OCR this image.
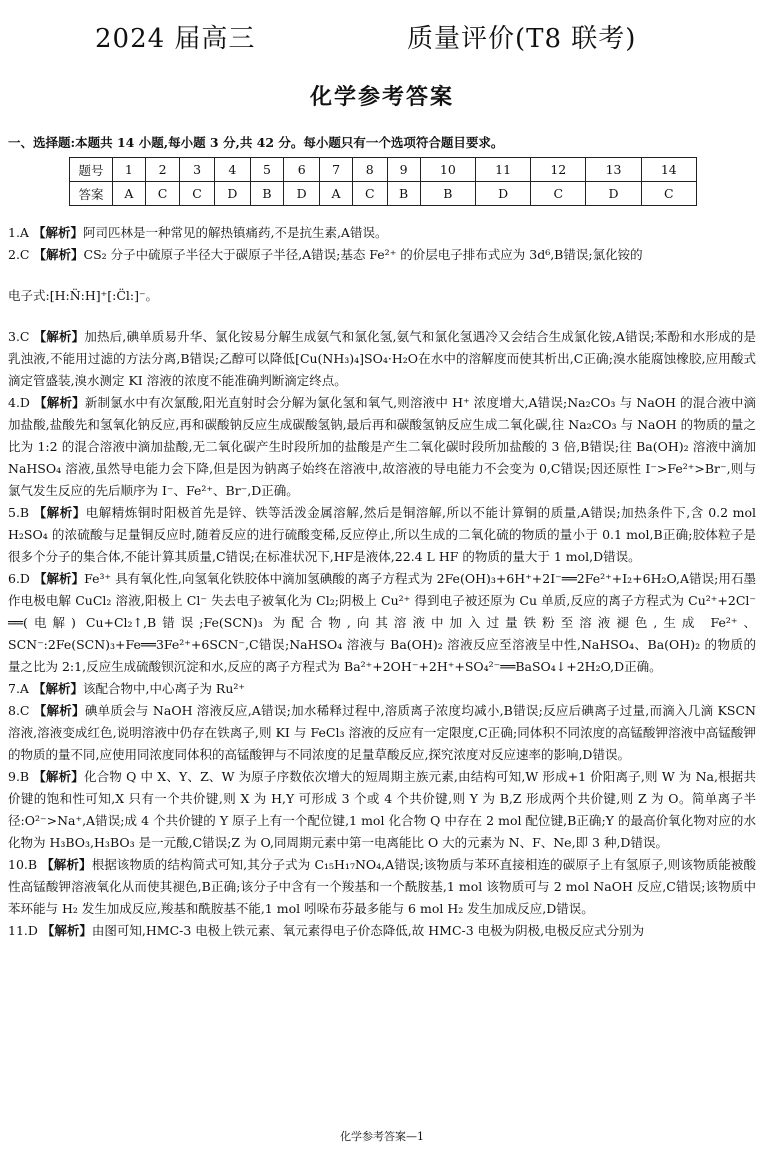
2024 届高三	质量评价(T8 联考)
化学参考答案
一、选择题:本题共 14 小题,每小题 3 分,共 42 分。每小题只有一个选项符合题目要求。
题号	1	2	3	4	5	6	7	8	9	10	11	12	13	14
答案	A	C	C	D	B	D	A	C	B	B	D	C	D	C

1.A 【解析】阿司匹林是一种常见的解热镇痛药,不是抗生素,A错误。

2.C 【解析】CS₂ 分子中硫原子半径大于碳原子半径,A错误;基态 Fe²⁺ 的价层电子排布式应为 3d⁶,B错误;氯化铵的

电子式:[H:N̈:H]⁺[:C̈l:]⁻。

3.C 【解析】加热后,碘单质易升华、氯化铵易分解生成氨气和氯化氢,氨气和氯化氢遇冷又会结合生成氯化铵,A错误;苯酚和水形成的是乳浊液,不能用过滤的方法分离,B错误;乙醇可以降低[Cu(NH₃)₄]SO₄·H₂O在水中的溶解度而使其析出,C正确;溴水能腐蚀橡胶,应用酸式滴定管盛装,溴水测定 KI 溶液的浓度不能准确判断滴定终点。

4.D 【解析】新制氯水中有次氯酸,阳光直射时会分解为氯化氢和氧气,则溶液中 H⁺ 浓度增大,A错误;Na₂CO₃ 与 NaOH 的混合液中滴加盐酸,盐酸先和氢氧化钠反应,再和碳酸钠反应生成碳酸氢钠,最后再和碳酸氢钠反应生成二氧化碳,往 Na₂CO₃ 与 NaOH 的物质的量之比为 1:2 的混合溶液中滴加盐酸,无二氧化碳产生时段所加的盐酸是产生二氧化碳时段所加盐酸的 3 倍,B错误;往 Ba(OH)₂ 溶液中滴加 NaHSO₄ 溶液,虽然导电能力会下降,但是因为钠离子始终在溶液中,故溶液的导电能力不会变为 0,C错误;因还原性 I⁻>Fe²⁺>Br⁻,则与氯气发生反应的先后顺序为 I⁻、Fe²⁺、Br⁻,D正确。

5.B 【解析】电解精炼铜时阳极首先是锌、铁等活泼金属溶解,然后是铜溶解,所以不能计算铜的质量,A错误;加热条件下,含 0.2 mol H₂SO₄ 的浓硫酸与足量铜反应时,随着反应的进行硫酸变稀,反应停止,所以生成的二氧化硫的物质的量小于 0.1 mol,B正确;胶体粒子是很多个分子的集合体,不能计算其质量,C错误;在标准状况下,HF是液体,22.4 L HF 的物质的量大于 1 mol,D错误。

6.D 【解析】Fe³⁺ 具有氧化性,向氢氧化铁胶体中滴加氢碘酸的离子方程式为 2Fe(OH)₃+6H⁺+2I⁻══2Fe²⁺+I₂+6H₂O,A错误;用石墨作电极电解 CuCl₂ 溶液,阳极上 Cl⁻ 失去电子被氧化为 Cl₂;阴极上 Cu²⁺ 得到电子被还原为 Cu 单质,反应的离子方程式为 Cu²⁺+2Cl⁻ ══(电解) Cu+Cl₂↑,B错误;Fe(SCN)₃ 为配合物,向其溶液中加入过量铁粉至溶液褪色,生成 Fe²⁺、SCN⁻:2Fe(SCN)₃+Fe══3Fe²⁺+6SCN⁻,C错误;NaHSO₄ 溶液与 Ba(OH)₂ 溶液反应至溶液呈中性,NaHSO₄、Ba(OH)₂ 的物质的量之比为 2:1,反应生成硫酸钡沉淀和水,反应的离子方程式为 Ba²⁺+2OH⁻+2H⁺+SO₄²⁻══BaSO₄↓+2H₂O,D正确。

7.A 【解析】该配合物中,中心离子为 Ru²⁺

8.C 【解析】碘单质会与 NaOH 溶液反应,A错误;加水稀释过程中,溶质离子浓度均减小,B错误;反应后碘离子过量,而滴入几滴 KSCN 溶液,溶液变成红色,说明溶液中仍存在铁离子,则 KI 与 FeCl₃ 溶液的反应有一定限度,C正确;同体积不同浓度的高锰酸钾溶液中高锰酸钾的物质的量不同,应使用同浓度同体积的高锰酸钾与不同浓度的足量草酸反应,探究浓度对反应速率的影响,D错误。

9.B 【解析】化合物 Q 中 X、Y、Z、W 为原子序数依次增大的短周期主族元素,由结构可知,W 形成+1 价阳离子,则 W 为 Na,根据共价键的饱和性可知,X 只有一个共价键,则 X 为 H,Y 可形成 3 个或 4 个共价键,则 Y 为 B,Z 形成两个共价键,则 Z 为 O。简单离子半径:O²⁻>Na⁺,A错误;成 4 个共价键的 Y 原子上有一个配位键,1 mol 化合物 Q 中存在 2 mol 配位键,B正确;Y 的最高价氧化物对应的水化物为 H₃BO₃,H₃BO₃ 是一元酸,C错误;Z 为 O,同周期元素中第一电离能比 O 大的元素为 N、F、Ne,即 3 种,D错误。

10.B 【解析】根据该物质的结构简式可知,其分子式为 C₁₅H₁₇NO₄,A错误;该物质与苯环直接相连的碳原子上有氢原子,则该物质能被酸性高锰酸钾溶液氧化从而使其褪色,B正确;该分子中含有一个羧基和一个酰胺基,1 mol 该物质可与 2 mol NaOH 反应,C错误;该物质中苯环能与 H₂ 发生加成反应,羧基和酰胺基不能,1 mol 吲哚布芬最多能与 6 mol H₂ 发生加成反应,D错误。

11.D 【解析】由图可知,HMC-3 电极上铁元素、氧元素得电子价态降低,故 HMC-3 电极为阴极,电极反应式分别为

化学参考答案—1
